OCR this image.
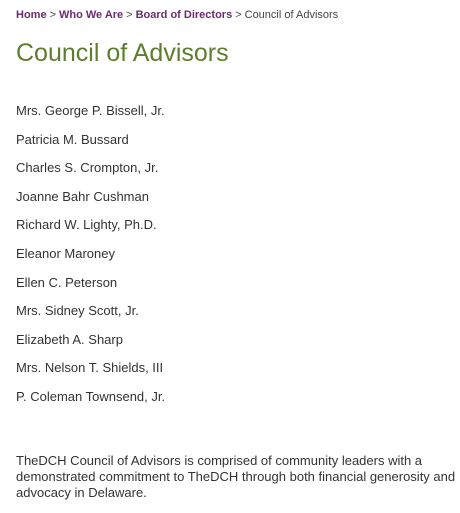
Home > Who We Are > Board of Directors > Council of Advisors
Council of Advisors
Mrs. George P. Bissell, Jr.
Patricia M. Bussard
Charles S. Crompton, Jr.
Joanne Bahr Cushman
Richard W. Lighty, Ph.D.
Eleanor Maroney
Ellen C. Peterson
Mrs. Sidney Scott, Jr.
Elizabeth A. Sharp
Mrs. Nelson T. Shields, III
P. Coleman Townsend, Jr.

TheDCH Council of Advisors is comprised of community leaders with a demonstrated commitment to TheDCH through both financial generosity and advocacy in Delaware.
